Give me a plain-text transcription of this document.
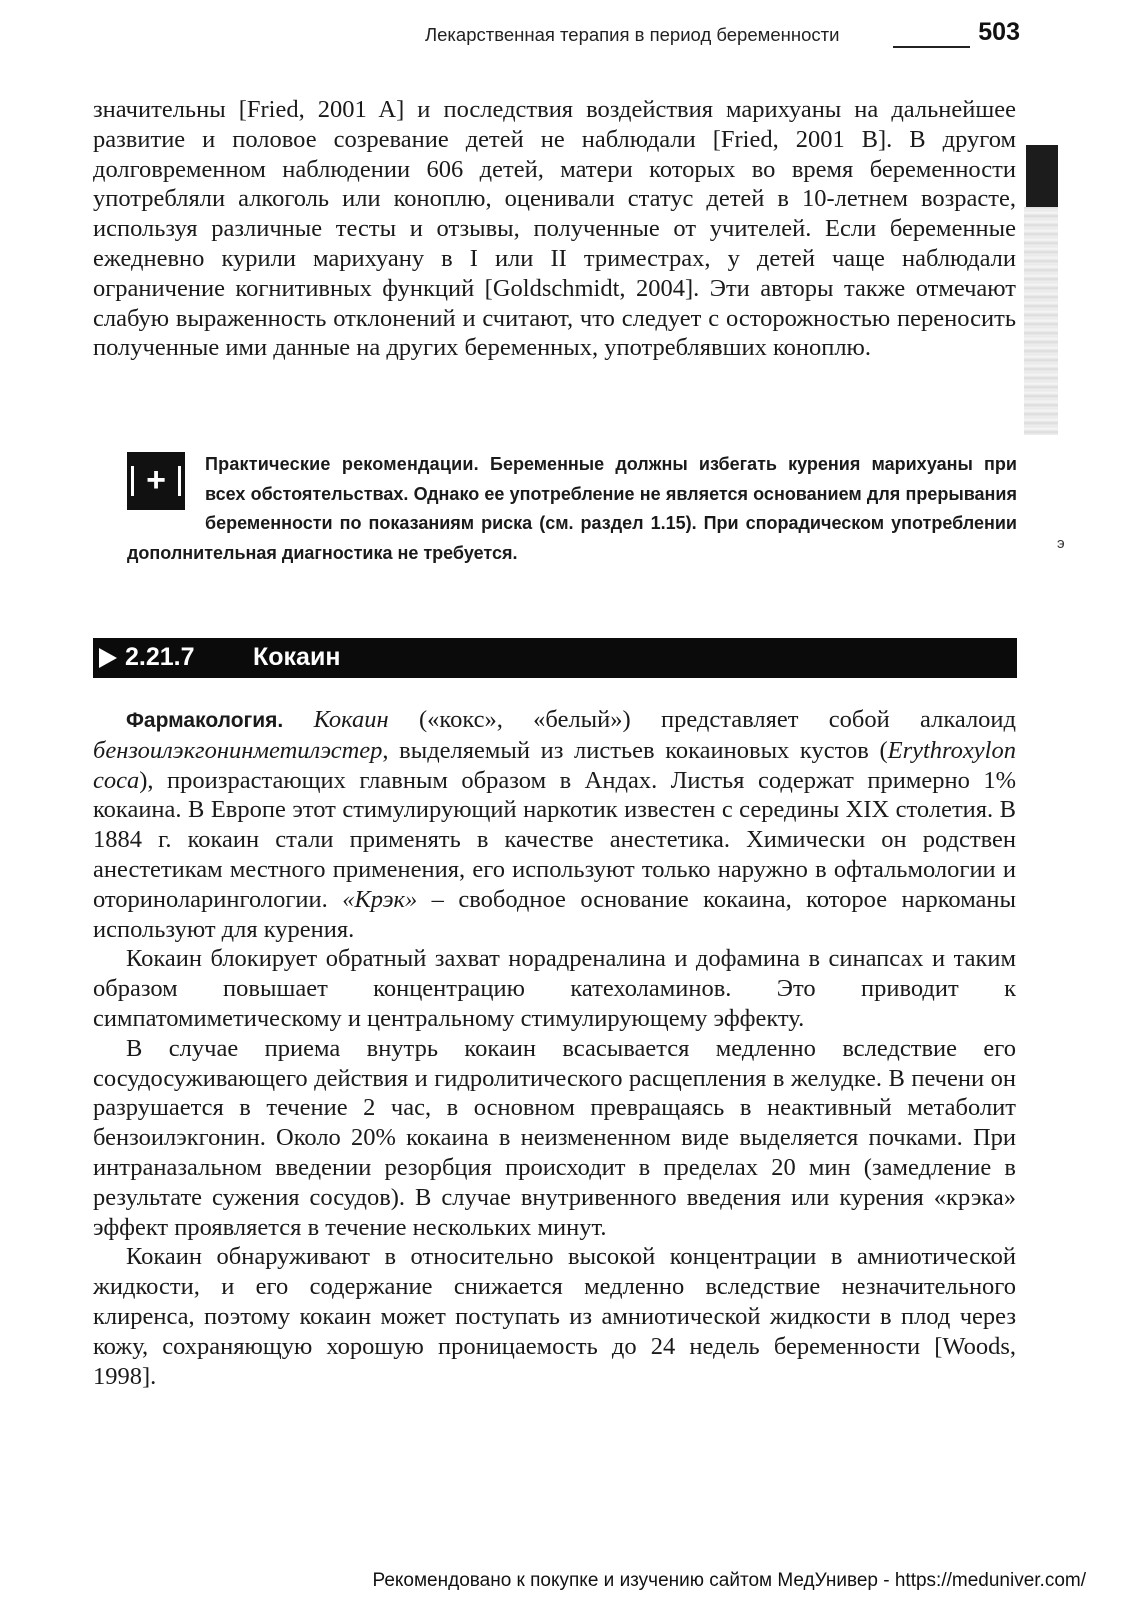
Лекарственная терапия в период беременности	503

значительны [Fried, 2001 A] и последствия воздействия марихуаны на дальнейшее развитие и половое созревание детей не наблюдали [Fried, 2001 B]. В другом долговременном наблюдении 606 детей, матери которых во время беременности употребляли алкоголь или коноплю, оценивали статус детей в 10-летнем возрасте, используя различные тесты и отзывы, полученные от учителей. Если беременные ежедневно курили марихуану в I или II триместрах, у детей чаще наблюдали ограничение когнитивных функций [Goldschmidt, 2004]. Эти авторы также отмечают слабую выраженность отклонений и считают, что следует с осторожностью переносить полученные ими данные на других беременных, употреблявших коноплю.

+	Практические рекомендации. Беременные должны избегать курения марихуаны при всех обстоятельствах. Однако ее употребление не является основанием для прерывания беременности по показаниям риска (см. раздел 1.15). При спорадическом употреблении дополнительная диагностика не требуется.	э
2.21.7 Кокаин

Фармакология. Кокаин («кокс», «белый») представляет собой алкалоид бензоилэкгонинметилэстер, выделяемый из листьев кокаиновых кустов (Erythroxylon coca), произрастающих главным образом в Андах. Листья содержат примерно 1% кокаина. В Европе этот стимулирующий наркотик известен с середины XIX столетия. В 1884 г. кокаин стали применять в качестве анестетика. Химически он родствен анестетикам местного применения, его используют только наружно в офтальмологии и оториноларингологии. «Крэк» – свободное основание кокаина, которое наркоманы используют для курения.

Кокаин блокирует обратный захват норадреналина и дофамина в синапсах и таким образом повышает концентрацию катехоламинов. Это приводит к симпатомиметическому и центральному стимулирующему эффекту.

В случае приема внутрь кокаин всасывается медленно вследствие его сосудосуживающего действия и гидролитического расщепления в желудке. В печени он разрушается в течение 2 час, в основном превращаясь в неактивный метаболит бензоилэкгонин. Около 20% кокаина в неизмененном виде выделяется почками. При интраназальном введении резорбция происходит в пределах 20 мин (замедление в результате сужения сосудов). В случае внутривенного введения или курения «крэка» эффект проявляется в течение нескольких минут.

Кокаин обнаруживают в относительно высокой концентрации в амниотической жидкости, и его содержание снижается медленно вследствие незначительного клиренса, поэтому кокаин может поступать из амниотической жидкости в плод через кожу, сохраняющую хорошую проницаемость до 24 недель беременности [Woods, 1998].

Рекомендовано к покупке и изучению сайтом МедУнивер - https://meduniver.com/
